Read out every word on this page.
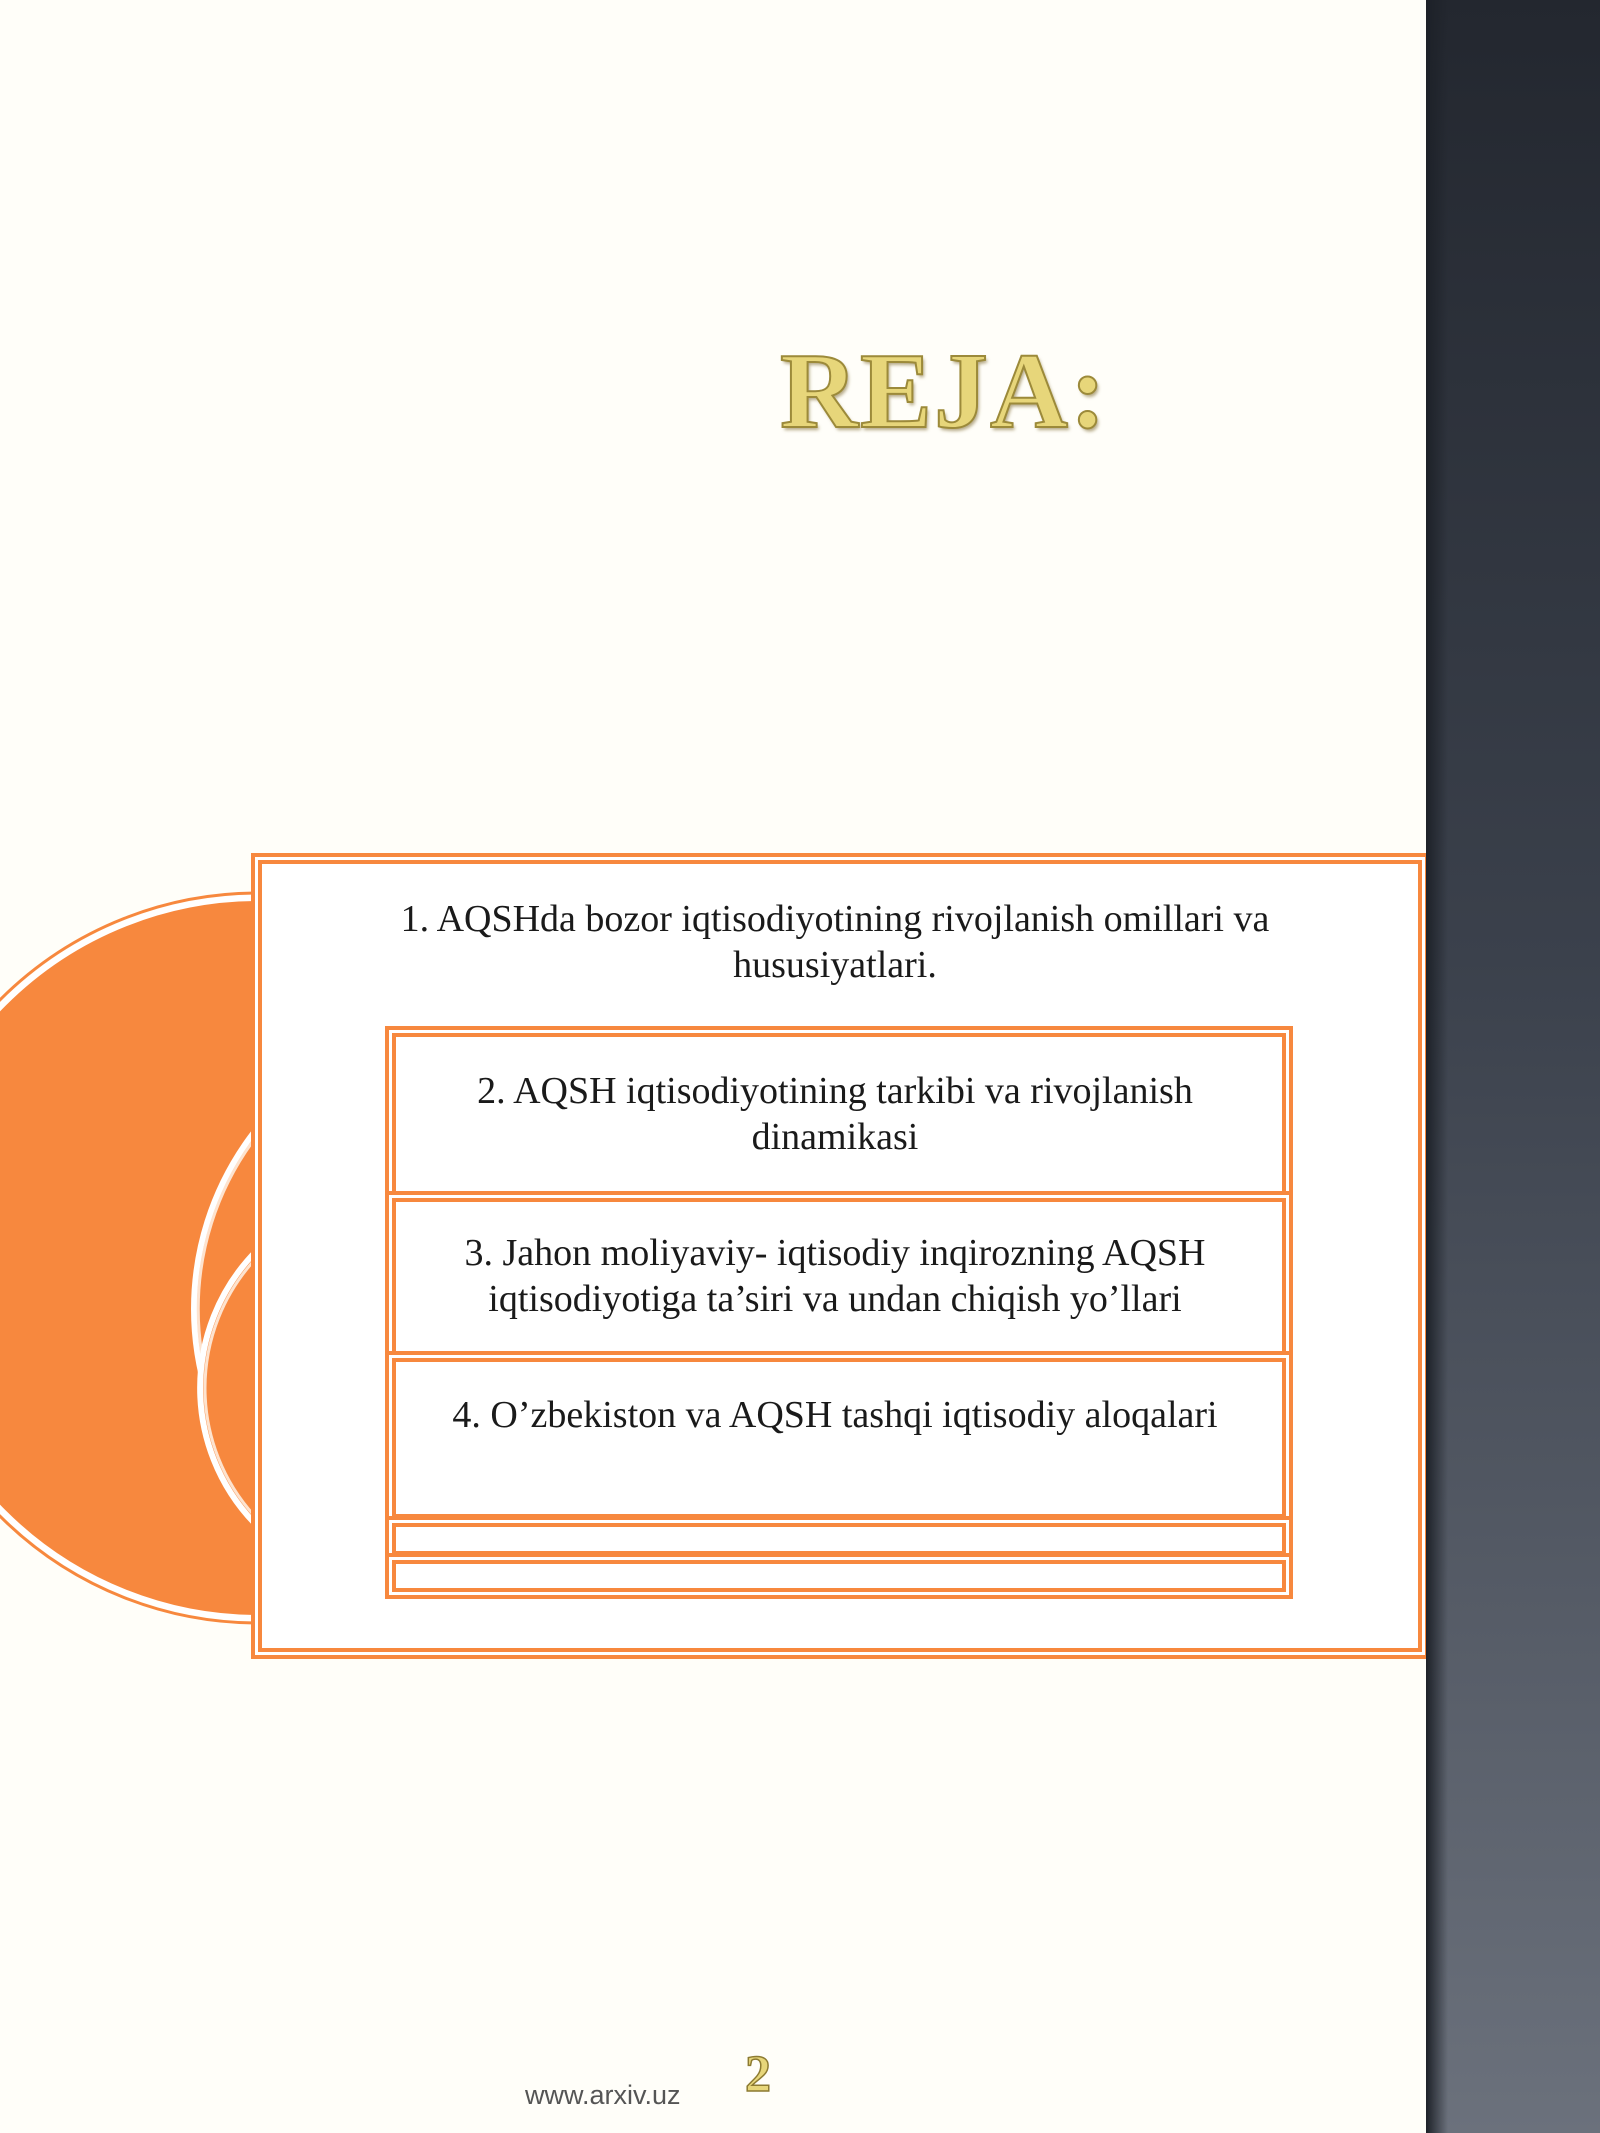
REJA:
1. AQSHda bozor iqtisodiyotining rivojlanish omillari va hususiyatlari.
2. AQSH iqtisodiyotining tarkibi va rivojlanish dinamikasi
3. Jahon moliyaviy- iqtisodiy inqirozning AQSH iqtisodiyotiga ta’siri va undan chiqish yo’llari
4. O’zbekiston va AQSH tashqi iqtisodiy aloqalari
www.arxiv.uz 2
